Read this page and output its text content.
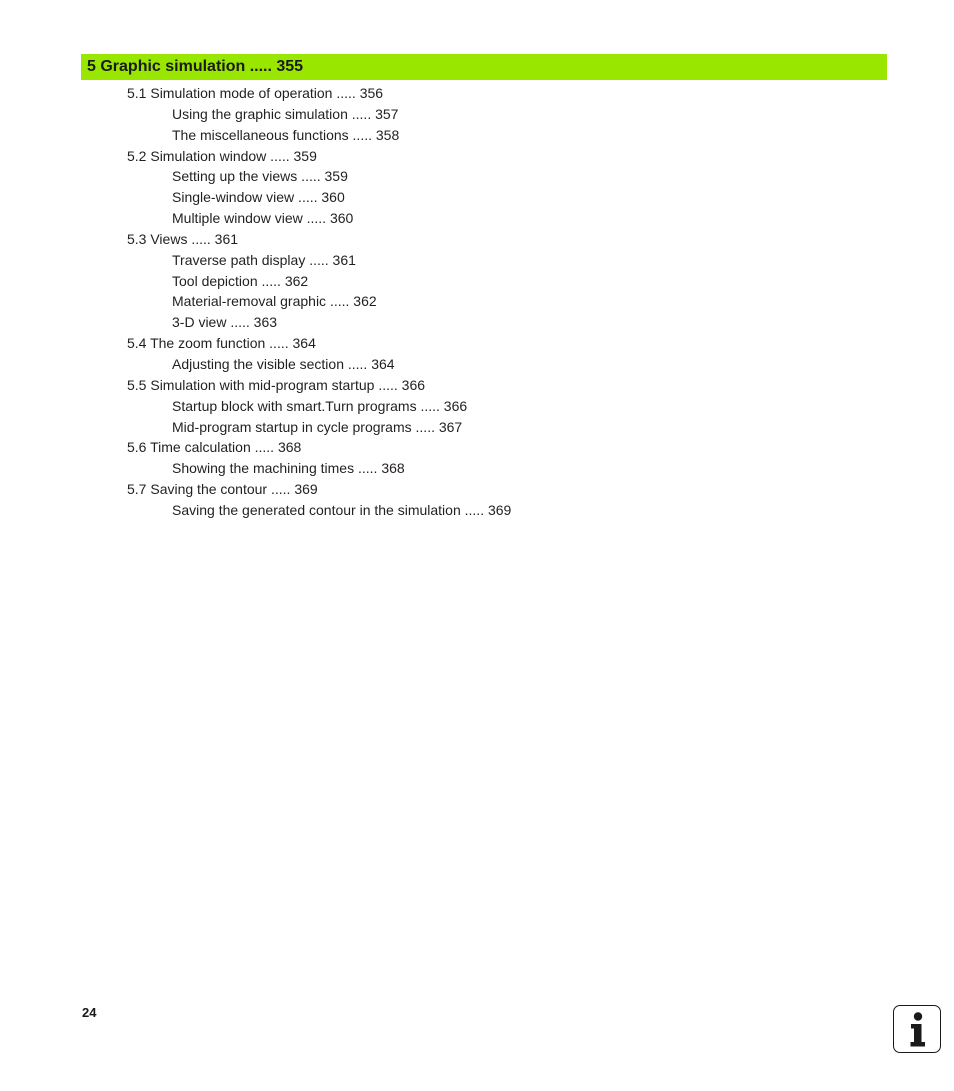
5 Graphic simulation ..... 355
5.1 Simulation mode of operation ..... 356
Using the graphic simulation ..... 357
The miscellaneous functions ..... 358
5.2 Simulation window ..... 359
Setting up the views ..... 359
Single-window view ..... 360
Multiple window view ..... 360
5.3 Views ..... 361
Traverse path display ..... 361
Tool depiction ..... 362
Material-removal graphic ..... 362
3-D view ..... 363
5.4 The zoom function ..... 364
Adjusting the visible section ..... 364
5.5 Simulation with mid-program startup ..... 366
Startup block with smart.Turn programs ..... 366
Mid-program startup in cycle programs ..... 367
5.6 Time calculation ..... 368
Showing the machining times ..... 368
5.7 Saving the contour ..... 369
Saving the generated contour in the simulation ..... 369
24
